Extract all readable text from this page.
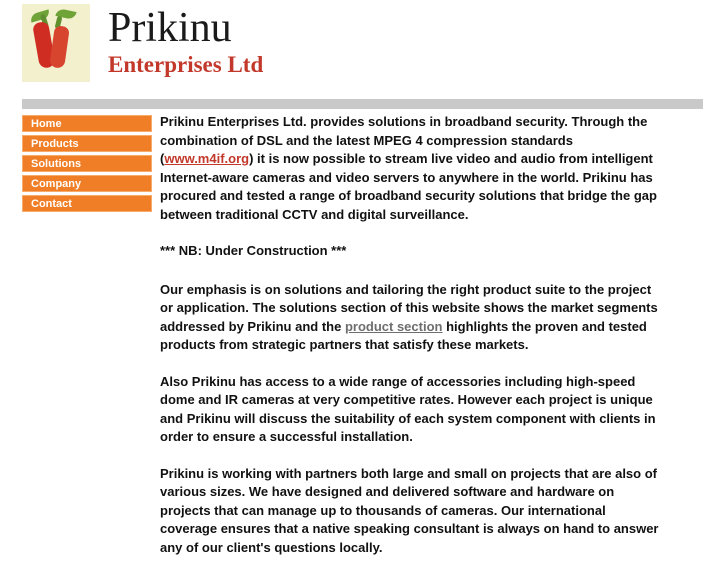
Prikinu
Enterprises Ltd
Home
Products
Solutions
Company
Contact

Prikinu Enterprises Ltd. provides solutions in broadband security. Through the combination of DSL and the latest MPEG 4 compression standards (www.m4if.org) it is now possible to stream live video and audio from intelligent Internet-aware cameras and video servers to anywhere in the world. Prikinu has procured and tested a range of broadband security solutions that bridge the gap between traditional CCTV and digital surveillance.

*** NB: Under Construction ***

Our emphasis is on solutions and tailoring the right product suite to the project or application. The solutions section of this website shows the market segments addressed by Prikinu and the product section highlights the proven and tested products from strategic partners that satisfy these markets.

Also Prikinu has access to a wide range of accessories including high-speed dome and IR cameras at very competitive rates. However each project is unique and Prikinu will discuss the suitability of each system component with clients in order to ensure a successful installation.

Prikinu is working with partners both large and small on projects that are also of various sizes. We have designed and delivered software and hardware on projects that can manage up to thousands of cameras. Our international coverage ensures that a native speaking consultant is always on hand to answer any of our client's questions locally.
